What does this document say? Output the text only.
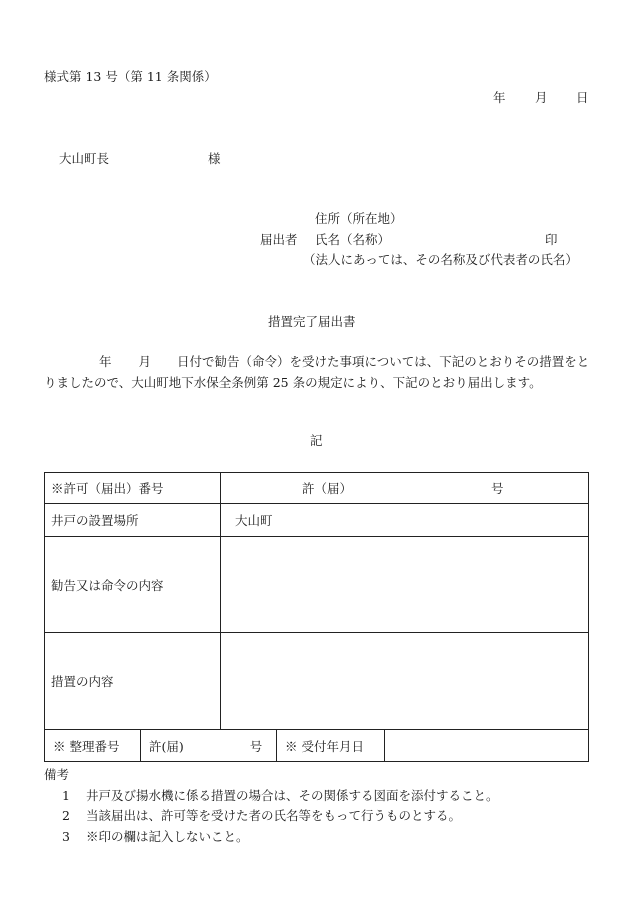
様式第 13 号（第 11 条関係）
年 月 日
大山町長	様
住所（所在地）
届出者 氏名（名称）	印
（法人にあっては、その名称及び代表者の氏名）
措置完了届出書
年 月 日付で勧告（命令）を受けた事項については、下記のとおりその措置をとりましたので、大山町地下水保全条例第 25 条の規定により、下記のとおり届出します。
記
※許可（届出）番号	許（届） 号
井戸の設置場所	大山町
勧告又は命令の内容	
措置の内容	
※ 整理番号	許(届)	号	※ 受付年月日	
備考
1 井戸及び揚水機に係る措置の場合は、その関係する図面を添付すること。
2 当該届出は、許可等を受けた者の氏名等をもって行うものとする。
3 ※印の欄は記入しないこと。
